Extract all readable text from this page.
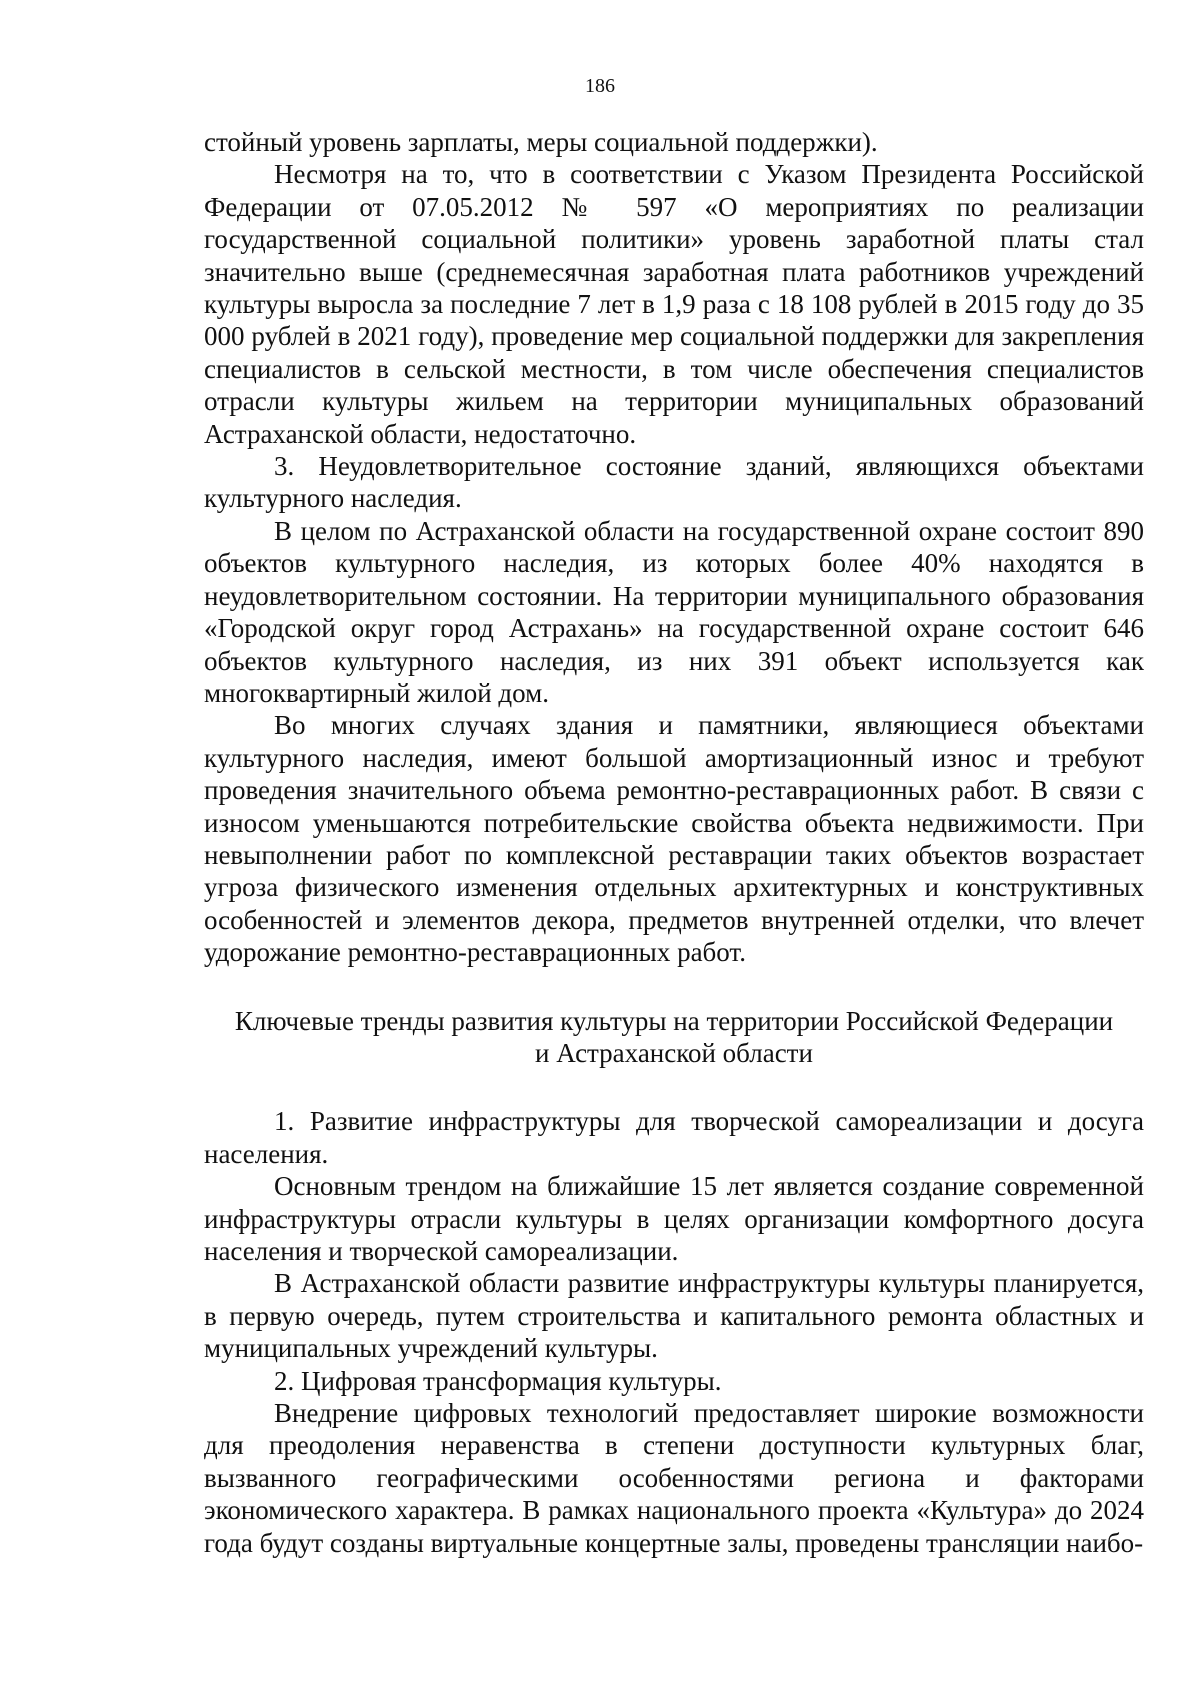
186

стойный уровень зарплаты, меры социальной поддержки).

Несмотря на то, что в соответствии с Указом Президента Российской Федерации от 07.05.2012 № 597 «О мероприятиях по реализации государственной социальной политики» уровень заработной платы стал значительно выше (среднемесячная заработная плата работников учреждений культуры выросла за последние 7 лет в 1,9 раза с 18 108 рублей в 2015 году до 35 000 рублей в 2021 году), проведение мер социальной поддержки для закрепления специалистов в сельской местности, в том числе обеспечения специалистов отрасли культуры жильем на территории муниципальных образований Астраханской области, недостаточно.

3. Неудовлетворительное состояние зданий, являющихся объектами культурного наследия.

В целом по Астраханской области на государственной охране состоит 890 объектов культурного наследия, из которых более 40% находятся в неудовлетворительном состоянии. На территории муниципального образования «Городской округ город Астрахань» на государственной охране состоит 646 объектов культурного наследия, из них 391 объект используется как многоквартирный жилой дом.

Во многих случаях здания и памятники, являющиеся объектами культурного наследия, имеют большой амортизационный износ и требуют проведения значительного объема ремонтно-реставрационных работ. В связи с износом уменьшаются потребительские свойства объекта недвижимости. При невыполнении работ по комплексной реставрации таких объектов возрастает угроза физического изменения отдельных архитектурных и конструктивных особенностей и элементов декора, предметов внутренней отделки, что влечет удорожание ремонтно-реставрационных работ.

Ключевые тренды развития культуры на территории Российской Федерации
и Астраханской области

1. Развитие инфраструктуры для творческой самореализации и досуга населения.

Основным трендом на ближайшие 15 лет является создание современной инфраструктуры отрасли культуры в целях организации комфортного досуга населения и творческой самореализации.

В Астраханской области развитие инфраструктуры культуры планируется, в первую очередь, путем строительства и капитального ремонта областных и муниципальных учреждений культуры.

2. Цифровая трансформация культуры.

Внедрение цифровых технологий предоставляет широкие возможности для преодоления неравенства в степени доступности культурных благ, вызванного географическими особенностями региона и факторами экономического характера. В рамках национального проекта «Культура» до 2024 года будут созданы виртуальные концертные залы, проведены трансляции наибо-
